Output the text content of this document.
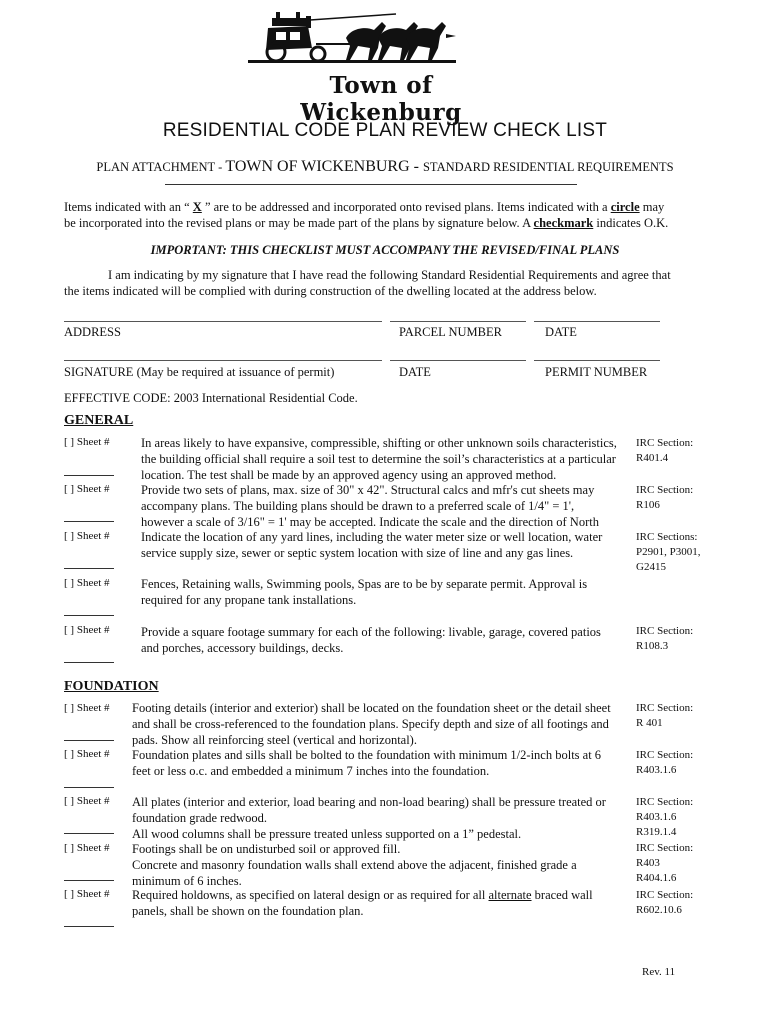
Town of Wickenburg
RESIDENTIAL CODE PLAN REVIEW CHECK LIST
PLAN ATTACHMENT - TOWN OF WICKENBURG - STANDARD RESIDENTIAL REQUIREMENTS
Items indicated with an “ X ” are to be addressed and incorporated onto revised plans. Items indicated with a circle may
be incorporated into the revised plans or may be made part of the plans by signature below. A checkmark indicates O.K.
IMPORTANT: THIS CHECKLIST MUST ACCOMPANY THE REVISED/FINAL PLANS
I am indicating by my signature that I have read the following Standard Residential Requirements and agree that
the items indicated will be complied with during construction of the dwelling located at the address below.
ADDRESS	PARCEL NUMBER	DATE
SIGNATURE (May be required at issuance of permit)	DATE	PERMIT NUMBER
EFFECTIVE CODE: 2003 International Residential Code.
GENERAL
[ ] Sheet #	In areas likely to have expansive, compressible, shifting or other unknown soils characteristics,
the building official shall require a soil test to determine the soil’s characteristics at a particular
location. The test shall be made by an approved agency using an approved method.
IRC Section:
R401.4
[ ] Sheet #	Provide two sets of plans, max. size of 30" x 42". Structural calcs and mfr's cut sheets may
accompany plans. The building plans should be drawn to a preferred scale of 1/4" = 1',
however a scale of 3/16" = 1' may be accepted. Indicate the scale and the direction of North
IRC Section:
R106
[ ] Sheet #	Indicate the location of any yard lines, including the water meter size or well location, water
service supply size, sewer or septic system location with size of line and any gas lines.
IRC Sections:
P2901, P3001,
G2415
[ ] Sheet #	Fences, Retaining walls, Swimming pools, Spas are to be by separate permit. Approval is
required for any propane tank installations.
[ ] Sheet #	Provide a square footage summary for each of the following: livable, garage, covered patios
and porches, accessory buildings, decks.
IRC Section:
R108.3
FOUNDATION
[ ] Sheet # Footing details (interior and exterior) shall be located on the foundation sheet or the detail sheet
and shall be cross-referenced to the foundation plans. Specify depth and size of all footings and
pads. Show all reinforcing steel (vertical and horizontal).
IRC Section:
R 401
[ ] Sheet # Foundation plates and sills shall be bolted to the foundation with minimum 1/2-inch bolts at 6
feet or less o.c. and embedded a minimum 7 inches into the foundation.
IRC Section:
R403.1.6
[ ] Sheet # All plates (interior and exterior, load bearing and non-load bearing) shall be pressure treated or
foundation grade redwood.
All wood columns shall be pressure treated unless supported on a 1” pedestal.
IRC Section:
R403.1.6
R319.1.4
[ ] Sheet # Footings shall be on undisturbed soil or approved fill.
Concrete and masonry foundation walls shall extend above the adjacent, finished grade a
minimum of 6 inches.
IRC Section:
R403
R404.1.6
[ ] Sheet # Required holdowns, as specified on lateral design or as required for all alternate braced wall
panels, shall be shown on the foundation plan.
IRC Section:
R602.10.6
Rev. 11
